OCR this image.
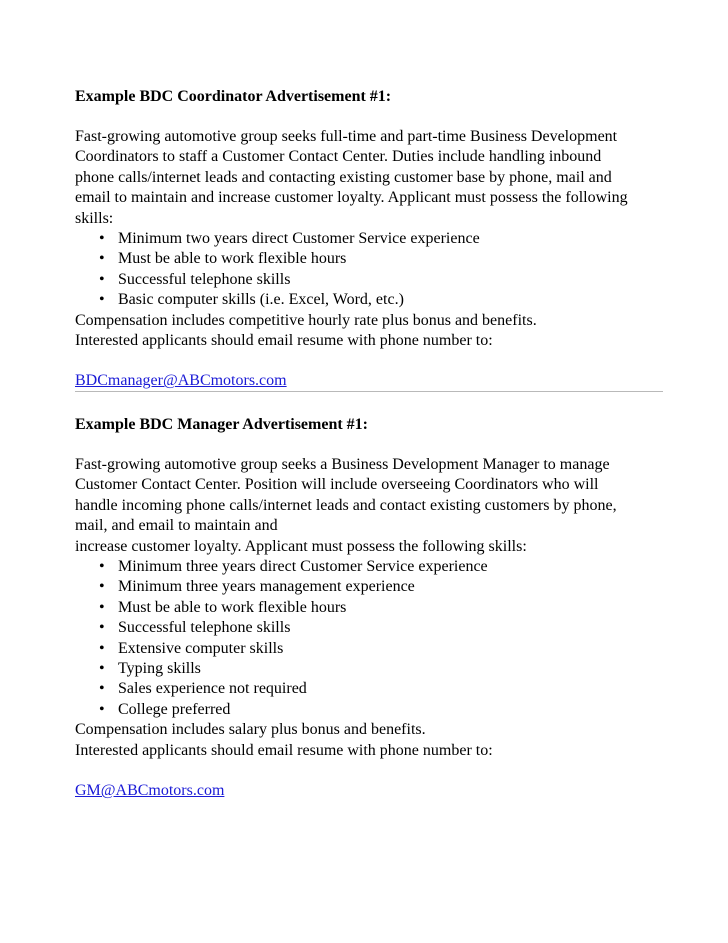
Example BDC Coordinator Advertisement #1:

Fast-growing automotive group seeks full-time and part-time Business Development
Coordinators to staff a Customer Contact Center. Duties include handling inbound
phone calls/internet leads and contacting existing customer base by phone, mail and
email to maintain and increase customer loyalty. Applicant must possess the following
skills:

• Minimum two years direct Customer Service experience
• Must be able to work flexible hours
• Successful telephone skills
• Basic computer skills (i.e. Excel, Word, etc.)

Compensation includes competitive hourly rate plus bonus and benefits.
Interested applicants should email resume with phone number to:

BDCmanager@ABCmotors.com

Example BDC Manager Advertisement #1:

Fast-growing automotive group seeks a Business Development Manager to manage
Customer Contact Center. Position will include overseeing Coordinators who will
handle incoming phone calls/internet leads and contact existing customers by phone,
mail, and email to maintain and
increase customer loyalty. Applicant must possess the following skills:

• Minimum three years direct Customer Service experience
• Minimum three years management experience
• Must be able to work flexible hours
• Successful telephone skills
• Extensive computer skills
• Typing skills
• Sales experience not required
• College preferred

Compensation includes salary plus bonus and benefits.
Interested applicants should email resume with phone number to:

GM@ABCmotors.com
